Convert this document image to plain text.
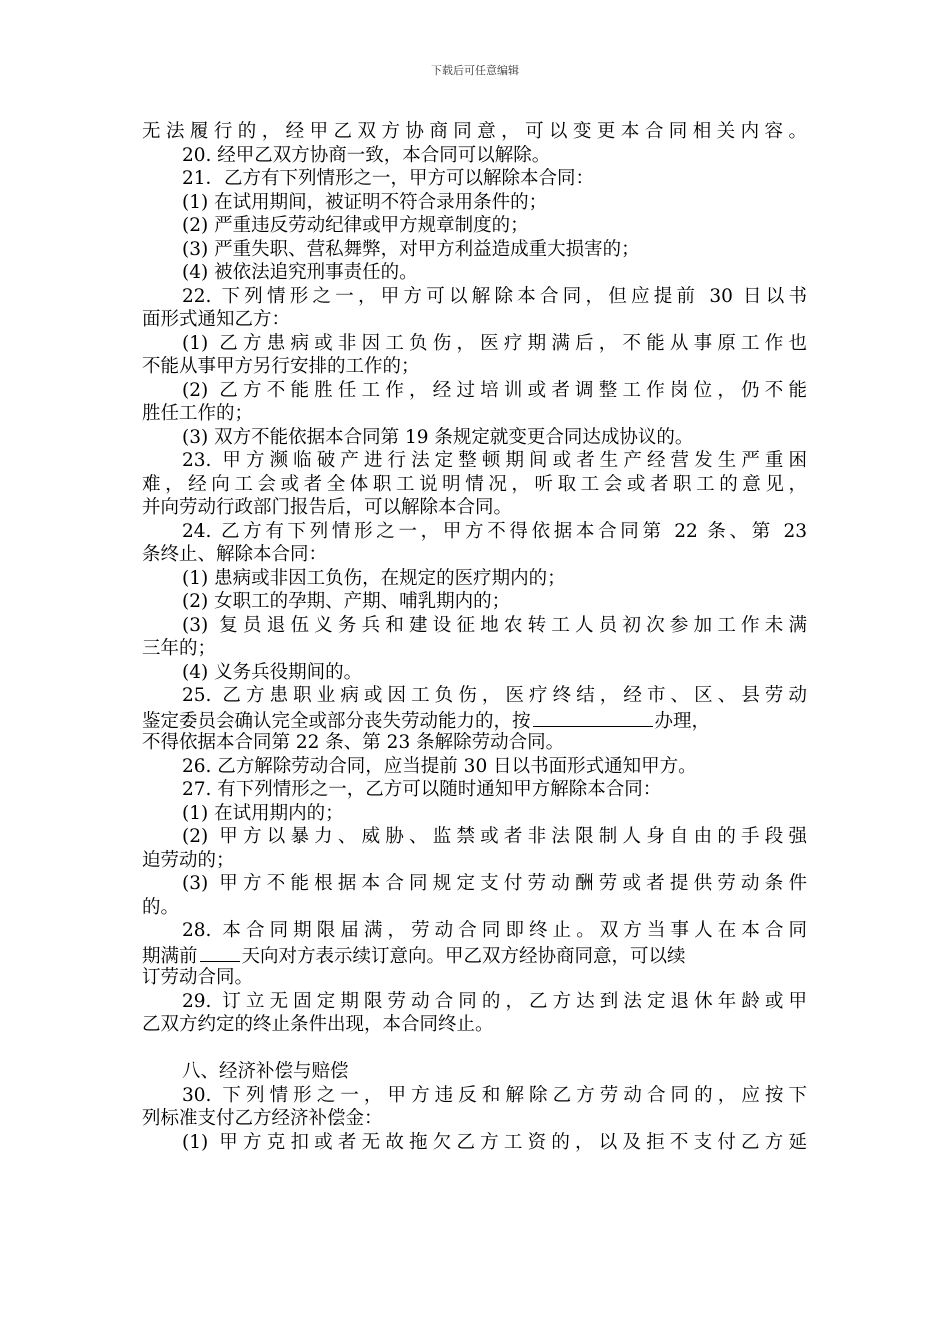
下载后可任意编辑
无法履行的，经甲乙双方协商同意，可以变更本合同相关内容。
20. 经甲乙双方协商一致，本合同可以解除。
21．乙方有下列情形之一，甲方可以解除本合同：
(1) 在试用期间，被证明不符合录用条件的；
(2) 严重违反劳动纪律或甲方规章制度的；
(3) 严重失职、营私舞弊，对甲方利益造成重大损害的；
(4) 被依法追究刑事责任的。
22. 下列情形之一，甲方可以解除本合同，但应提前 30 日以书
面形式通知乙方：
(1) 乙方患病或非因工负伤，医疗期满后，不能从事原工作也
不能从事甲方另行安排的工作的；
(2) 乙方不能胜任工作，经过培训或者调整工作岗位，仍不能
胜任工作的；
(3) 双方不能依据本合同第 19 条规定就变更合同达成协议的。
23. 甲方濒临破产进行法定整顿期间或者生产经营发生严重困
难，经向工会或者全体职工说明情况，听取工会或者职工的意见，
并向劳动行政部门报告后，可以解除本合同。
24. 乙方有下列情形之一，甲方不得依据本合同第 22 条、第 23
条终止、解除本合同：
(1) 患病或非因工负伤，在规定的医疗期内的；
(2) 女职工的孕期、产期、哺乳期内的；
(3) 复员退伍义务兵和建设征地农转工人员初次参加工作未满
三年的；
(4) 义务兵役期间的。
25. 乙方患职业病或因工负伤，医疗终结，经市、区、县劳动
鉴定委员会确认完全或部分丧失劳动能力的，按	办理，
不得依据本合同第 22 条、第 23 条解除劳动合同。
26. 乙方解除劳动合同，应当提前 30 日以书面形式通知甲方。
27. 有下列情形之一，乙方可以随时通知甲方解除本合同：
(1) 在试用期内的；
(2) 甲方以暴力、威胁、监禁或者非法限制人身自由的手段强
迫劳动的；
(3) 甲方不能根据本合同规定支付劳动酬劳或者提供劳动条件
的。
28. 本合同期限届满，劳动合同即终止。双方当事人在本合同
期满前 天向对方表示续订意向。甲乙双方经协商同意，可以续
订劳动合同。
29. 订立无固定期限劳动合同的，乙方达到法定退休年龄或甲
乙双方约定的终止条件出现，本合同终止。
八、经济补偿与赔偿
30. 下列情形之一，甲方违反和解除乙方劳动合同的，应按下
列标准支付乙方经济补偿金：
(1) 甲方克扣或者无故拖欠乙方工资的，以及拒不支付乙方延
